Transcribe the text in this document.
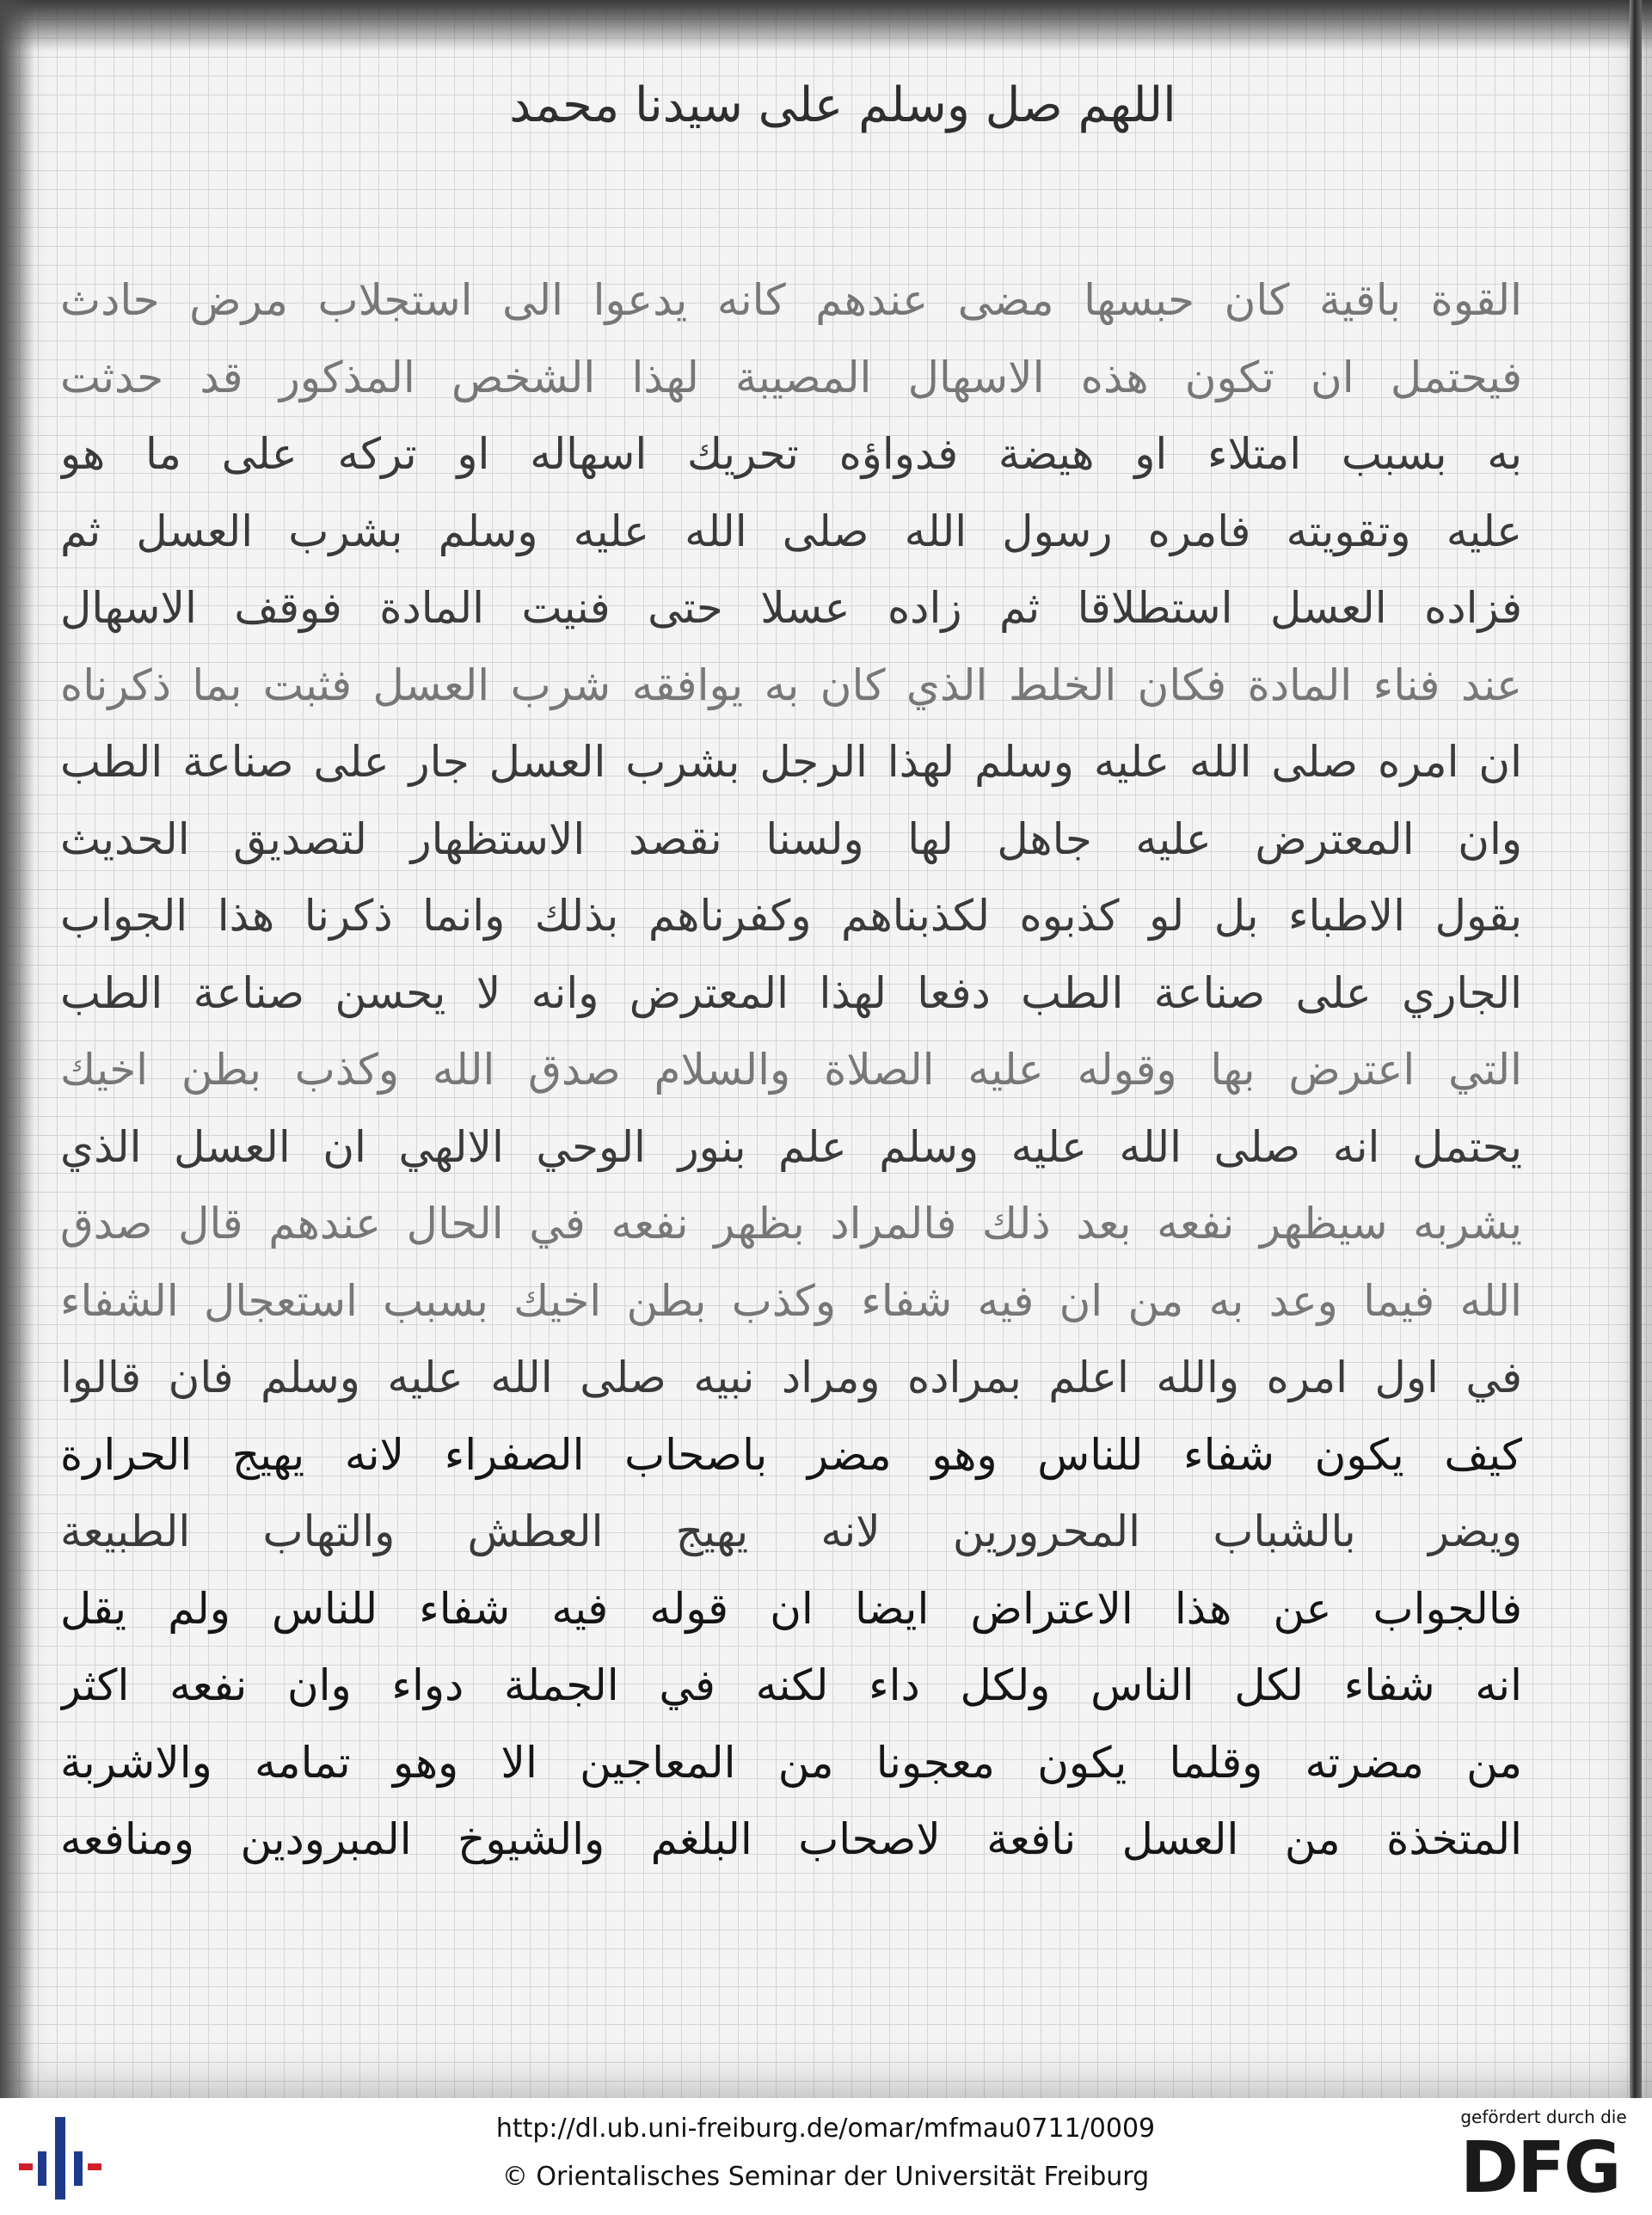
اللهم صل وسلم على سيدنا محمد
القوة باقية كان حبسها مضى عندهم كانه يدعوا الى استجلاب مرض حادث
فيحتمل ان تكون هذه الاسهال المصيبة لهذا الشخص المذكور قد حدثت
به بسبب امتلاء او هيضة فدواؤه تحريك اسهاله او تركه على ما هو
عليه وتقويته فامره رسول الله صلى الله عليه وسلم بشرب العسل ثم
فزاده العسل استطلاقا ثم زاده عسلا حتى فنيت المادة فوقف الاسهال
عند فناء المادة فكان الخلط الذي كان به يوافقه شرب العسل فثبت بما ذكرناه
ان امره صلى الله عليه وسلم لهذا الرجل بشرب العسل جار على صناعة الطب
وان المعترض عليه جاهل لها ولسنا نقصد الاستظهار لتصديق الحديث
بقول الاطباء بل لو كذبوه لكذبناهم وكفرناهم بذلك وانما ذكرنا هذا الجواب
الجاري على صناعة الطب دفعا لهذا المعترض وانه لا يحسن صناعة الطب
التي اعترض بها وقوله عليه الصلاة والسلام صدق الله وكذب بطن اخيك
يحتمل انه صلى الله عليه وسلم علم بنور الوحي الالهي ان العسل الذي
يشربه سيظهر نفعه بعد ذلك فالمراد بظهر نفعه في الحال عندهم قال صدق
الله فيما وعد به من ان فيه شفاء وكذب بطن اخيك بسبب استعجال الشفاء
في اول امره والله اعلم بمراده ومراد نبيه صلى الله عليه وسلم فان قالوا
كيف يكون شفاء للناس وهو مضر باصحاب الصفراء لانه يهيج الحرارة
ويضر بالشباب المحرورين لانه يهيج العطش والتهاب الطبيعة
فالجواب عن هذا الاعتراض ايضا ان قوله فيه شفاء للناس ولم يقل
انه شفاء لكل الناس ولكل داء لكنه في الجملة دواء وان نفعه اكثر
من مضرته وقلما يكون معجونا من المعاجين الا وهو تمامه والاشربة
المتخذة من العسل نافعة لاصحاب البلغم والشيوخ المبرودين ومنافعه
http://dl.ub.uni-freiburg.de/omar/mfmau0711/0009
© Orientalisches Seminar der Universität Freiburg
gefördert durch die
DFG
